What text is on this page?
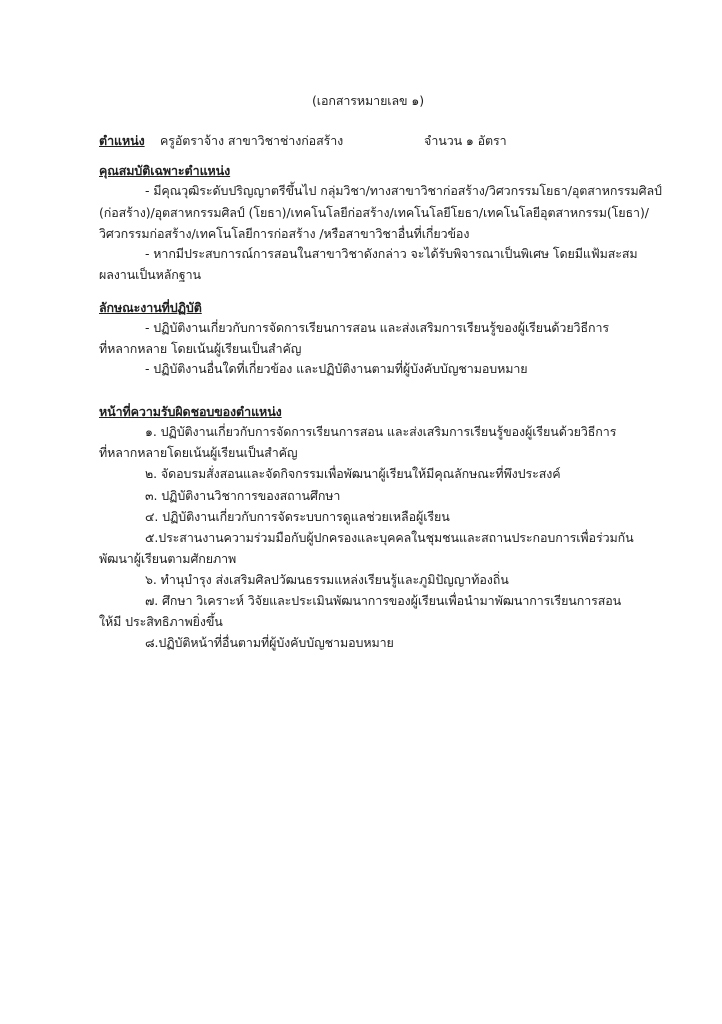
(เอกสารหมายเลข ๑)
ตำแหน่ง ครูอัตราจ้าง สาขาวิชาช่างก่อสร้าง	จำนวน ๑ อัตรา
คุณสมบัติเฉพาะตำแหน่ง
- มีคุณวุฒิระดับปริญญาตรีขึ้นไป กลุ่มวิชา/ทางสาขาวิชาก่อสร้าง/วิศวกรรมโยธา/อุตสาหกรรมศิลป์
(ก่อสร้าง)/อุตสาหกรรมศิลป์ (โยธา)/เทคโนโลยีก่อสร้าง/เทคโนโลยีโยธา/เทคโนโลยีอุตสาหกรรม(โยธา)/
วิศวกรรมก่อสร้าง/เทคโนโลยีการก่อสร้าง /หรือสาขาวิชาอื่นที่เกี่ยวข้อง
- หากมีประสบการณ์การสอนในสาขาวิชาดังกล่าว จะได้รับพิจารณาเป็นพิเศษ โดยมีแฟ้มสะสม
ผลงานเป็นหลักฐาน
ลักษณะงานที่ปฏิบัติ
- ปฏิบัติงานเกี่ยวกับการจัดการเรียนการสอน และส่งเสริมการเรียนรู้ของผู้เรียนด้วยวิธีการ
ที่หลากหลาย โดยเน้นผู้เรียนเป็นสำคัญ
- ปฏิบัติงานอื่นใดที่เกี่ยวข้อง และปฏิบัติงานตามที่ผู้บังคับบัญชามอบหมาย
หน้าที่ความรับผิดชอบของตำแหน่ง
๑. ปฏิบัติงานเกี่ยวกับการจัดการเรียนการสอน และส่งเสริมการเรียนรู้ของผู้เรียนด้วยวิธีการ
ที่หลากหลายโดยเน้นผู้เรียนเป็นสำคัญ
๒. จัดอบรมสั่งสอนและจัดกิจกรรมเพื่อพัฒนาผู้เรียนให้มีคุณลักษณะที่พึงประสงค์
๓. ปฏิบัติงานวิชาการของสถานศึกษา
๔. ปฏิบัติงานเกี่ยวกับการจัดระบบการดูแลช่วยเหลือผู้เรียน
๕.ประสานงานความร่วมมือกับผู้ปกครองและบุคคลในชุมชนและสถานประกอบการเพื่อร่วมกัน
พัฒนาผู้เรียนตามศักยภาพ
๖. ทำนุบำรุง ส่งเสริมศิลปวัฒนธรรมแหล่งเรียนรู้และภูมิปัญญาท้องถิ่น
๗. ศึกษา วิเคราะห์ วิจัยและประเมินพัฒนาการของผู้เรียนเพื่อนำมาพัฒนาการเรียนการสอน
ให้มี ประสิทธิภาพยิ่งขึ้น
๘.ปฏิบัติหน้าที่อื่นตามที่ผู้บังคับบัญชามอบหมาย
